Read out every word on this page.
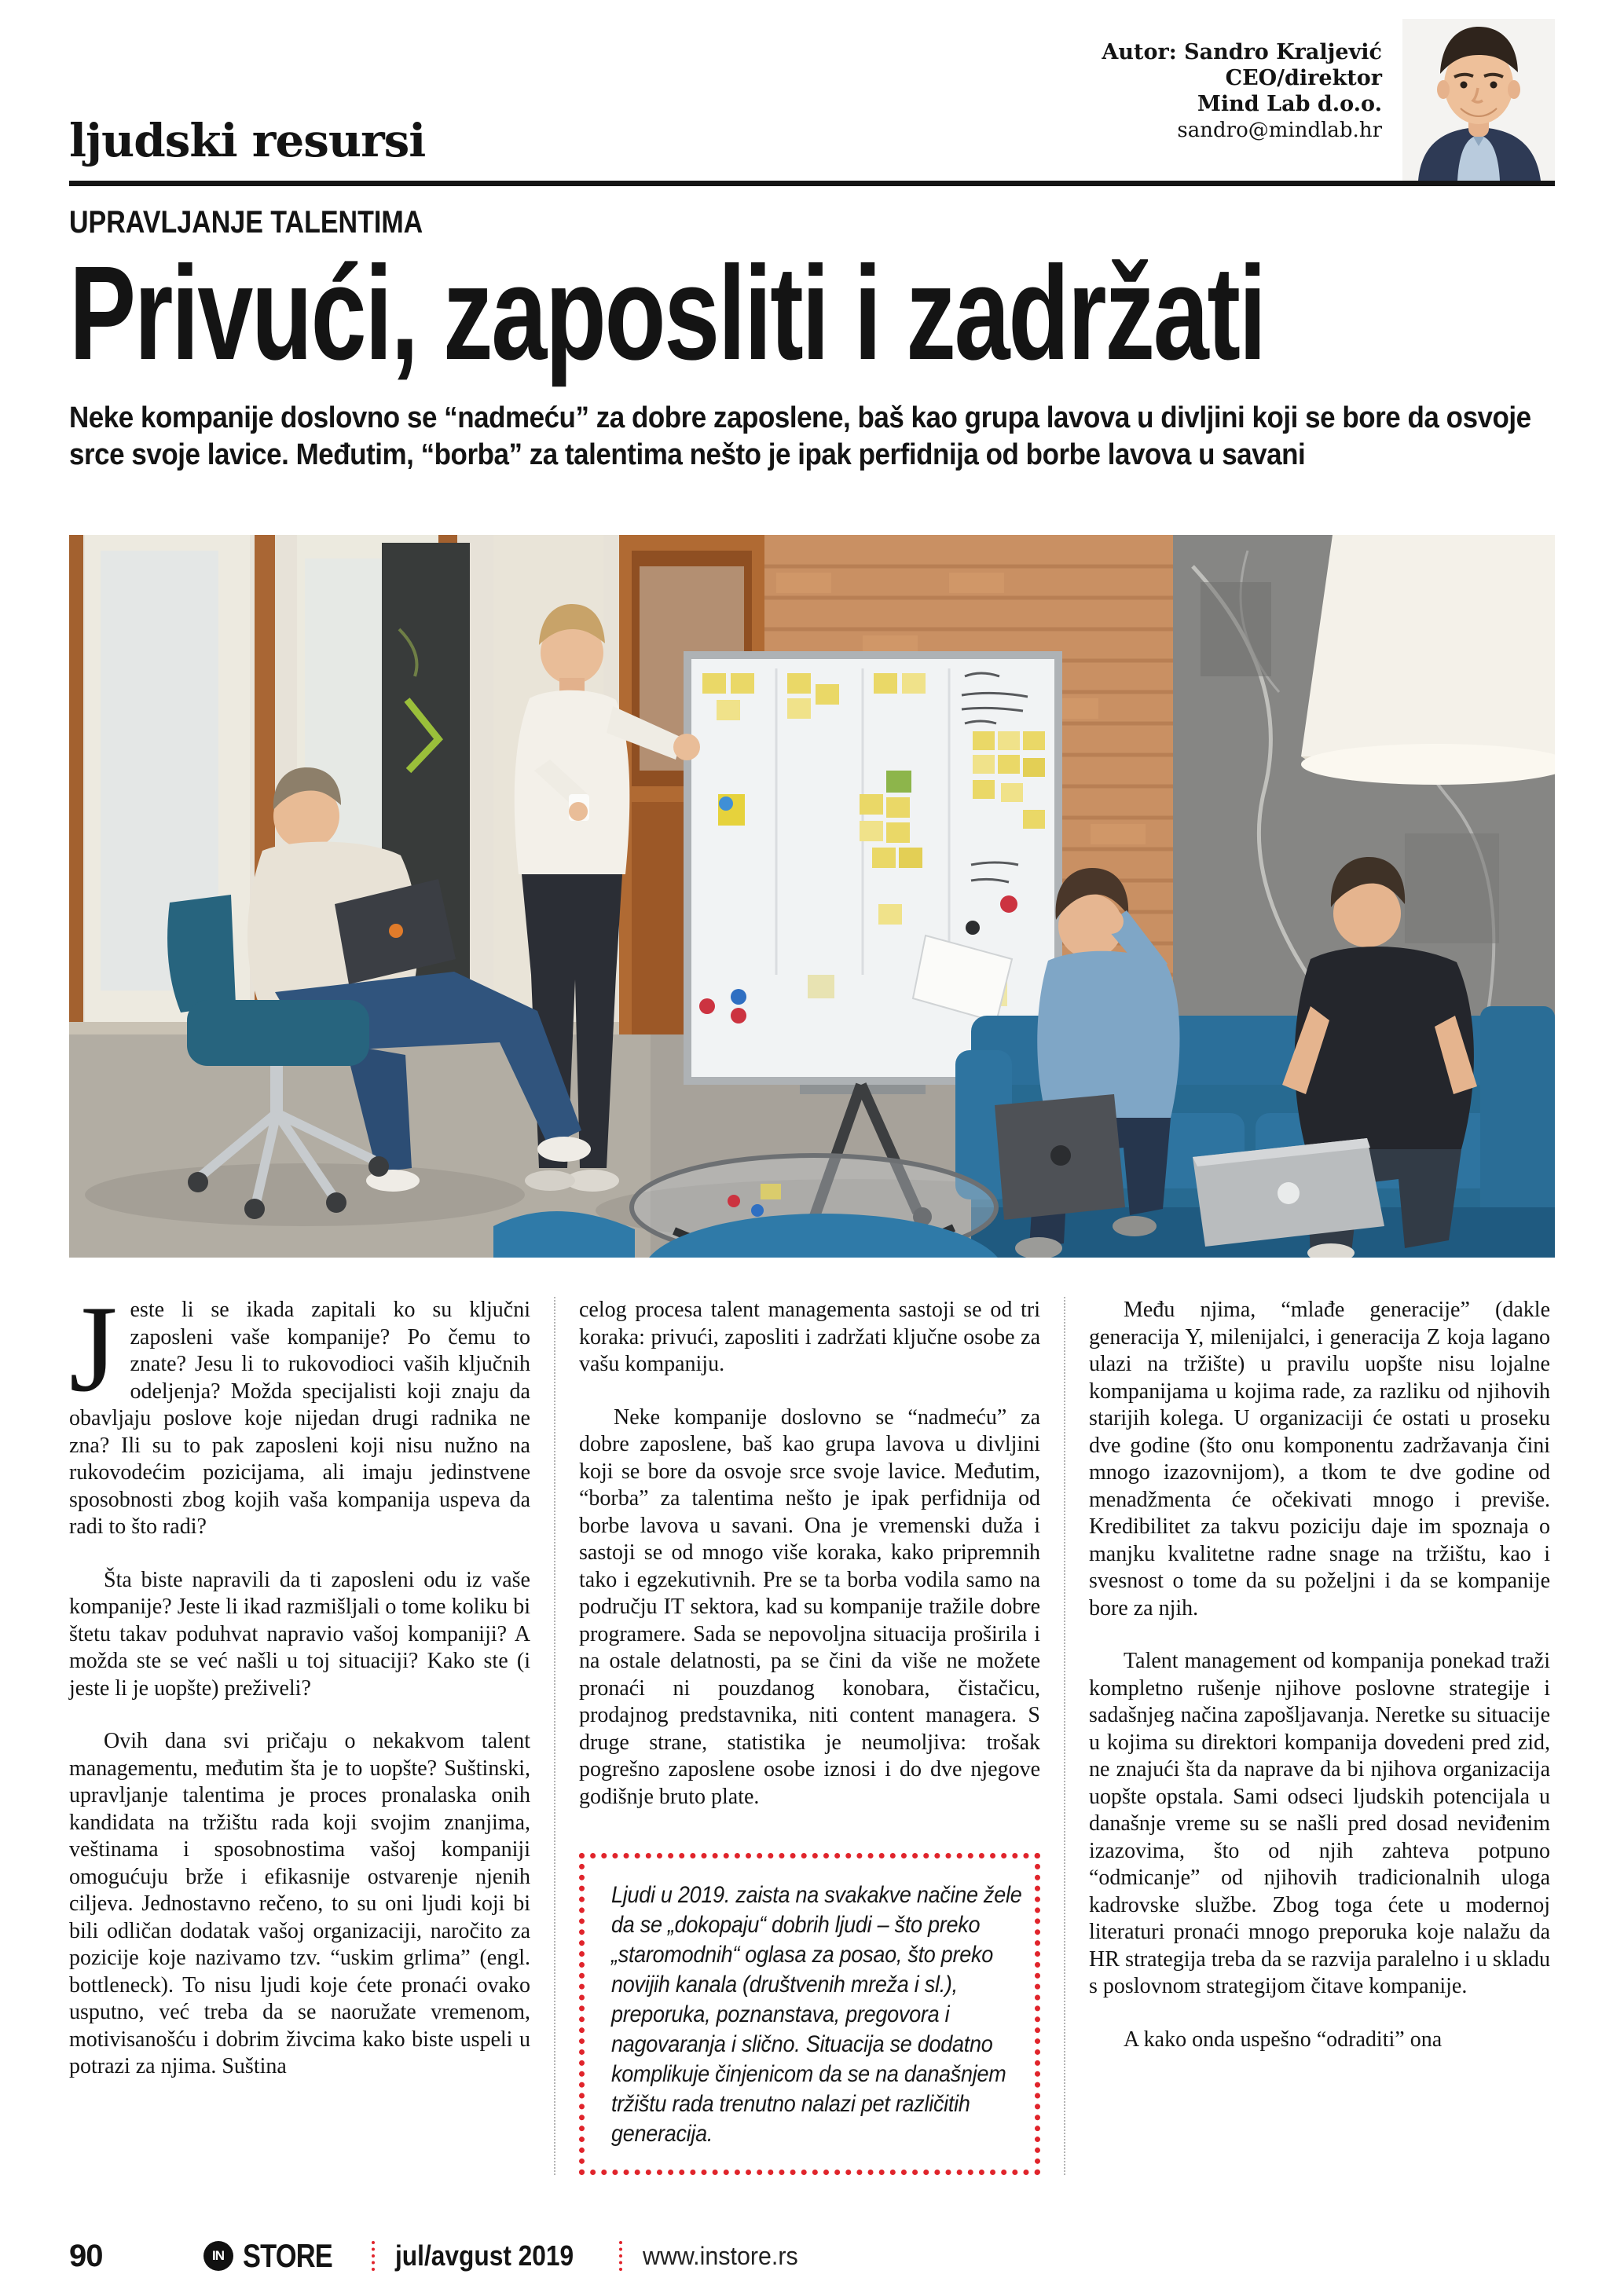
ljudski resursi
Autor: Sandro Kraljević
CEO/direktor
Mind Lab d.o.o.
sandro@mindlab.hr
UPRAVLJANJE TALENTIMA
Privući, zaposliti i zadržati
Neke kompanije doslovno se “nadmeću” za dobre zaposlene, baš kao grupa lavova u divljini koji se bore da osvoje srce svoje lavice. Međutim, “borba” za talentima nešto je ipak perfidnija od borbe lavova u savani

Jeste li se ikada zapitali ko su ključni zaposleni vaše kompanije? Po čemu to znate? Jesu li to rukovodioci vaših ključnih odeljenja? Možda specijalisti koji znaju da obavljaju poslove koje nijedan drugi radnika ne zna? Ili su to pak zaposleni koji nisu nužno na rukovodećim pozicijama, ali imaju jedinstvene sposobnosti zbog kojih vaša kompanija uspeva da radi to što radi?

Šta biste napravili da ti zaposleni odu iz vaše kompanije? Jeste li ikad razmišljali o tome koliku bi štetu takav poduhvat napravio vašoj kompaniji? A možda ste se već našli u toj situaciji? Kako ste (i jeste li je uopšte) preživeli?

Ovih dana svi pričaju o nekakvom talent managementu, međutim šta je to uopšte? Suštinski, upravljanje talentima je proces pronalaska onih kandidata na tržištu rada koji svojim znanjima, veštinama i sposobnostima vašoj kompaniji omogućuju brže i efikasnije ostvarenje njenih ciljeva. Jednostavno rečeno, to su oni ljudi koji bi bili odličan dodatak vašoj organizaciji, naročito za pozicije koje nazivamo tzv. “uskim grlima” (engl. bottleneck). To nisu ljudi koje ćete pronaći ovako usputno, već treba da se naoružate vremenom, motivisanošću i dobrim živcima kako biste uspeli u potrazi za njima. Suština

celog procesa talent managementa sastoji se od tri koraka: privući, zaposliti i zadržati ključne osobe za vašu kompaniju.

Neke kompanije doslovno se “nadmeću” za dobre zaposlene, baš kao grupa lavova u divljini koji se bore da osvoje srce svoje lavice. Međutim, “borba” za talentima nešto je ipak perfidnija od borbe lavova u savani. Ona je vremenski duža i sastoji se od mnogo više koraka, kako pripremnih tako i egzekutivnih. Pre se ta borba vodila samo na području IT sektora, kad su kompanije tražile dobre programere. Sada se nepovoljna situacija proširila i na ostale delatnosti, pa se čini da više ne možete pronaći ni pouzdanog konobara, čistačicu, prodajnog predstavnika, niti content managera. S druge strane, statistika je neumoljiva: trošak pogrešno zaposlene osobe iznosi i do dve njegove godišnje bruto plate.

Ljudi u 2019. zaista na svakakve načine žele da se „dokopaju“ dobrih ljudi – što preko „staromodnih“ oglasa za posao, što preko novijih kanala (društvenih mreža i sl.), preporuka, poznanstava, pregovora i nagovaranja i slično. Situacija se dodatno komplikuje činjenicom da se na današnjem tržištu rada trenutno nalazi pet različitih generacija.

Među njima, “mlađe generacije” (dakle generacija Y, milenijalci, i generacija Z koja lagano ulazi na tržište) u pravilu uopšte nisu lojalne kompanijama u kojima rade, za razliku od njihovih starijih kolega. U organizaciji će ostati u proseku dve godine (što onu komponentu zadržavanja čini mnogo izazovnijom), a tkom te dve godine od menadžmenta će očekivati mnogo i previše. Kredibilitet za takvu poziciju daje im spoznaja o manjku kvalitetne radne snage na tržištu, kao i svesnost o tome da su poželjni i da se kompanije bore za njih.

Talent management od kompanija ponekad traži kompletno rušenje njihove poslovne strategije i sadašnjeg načina zapošljavanja. Neretke su situacije u kojima su direktori kompanija dovedeni pred zid, ne znajući šta da naprave da bi njihova organizacija uopšte opstala. Sami odseci ljudskih potencijala u današnje vreme su se našli pred dosad neviđenim izazovima, što od njih zahteva potpuno “odmicanje” od njihovih tradicionalnih uloga kadrovske službe. Zbog toga ćete u modernoj literaturi pronaći mnogo preporuka koje nalažu da HR strategija treba da se razvija paralelno i u skladu s poslovnom strategijom čitave kompanije.

A kako onda uspešno “odraditi” ona

90	IN STORE jul/avgust 2019	www.instore.rs
